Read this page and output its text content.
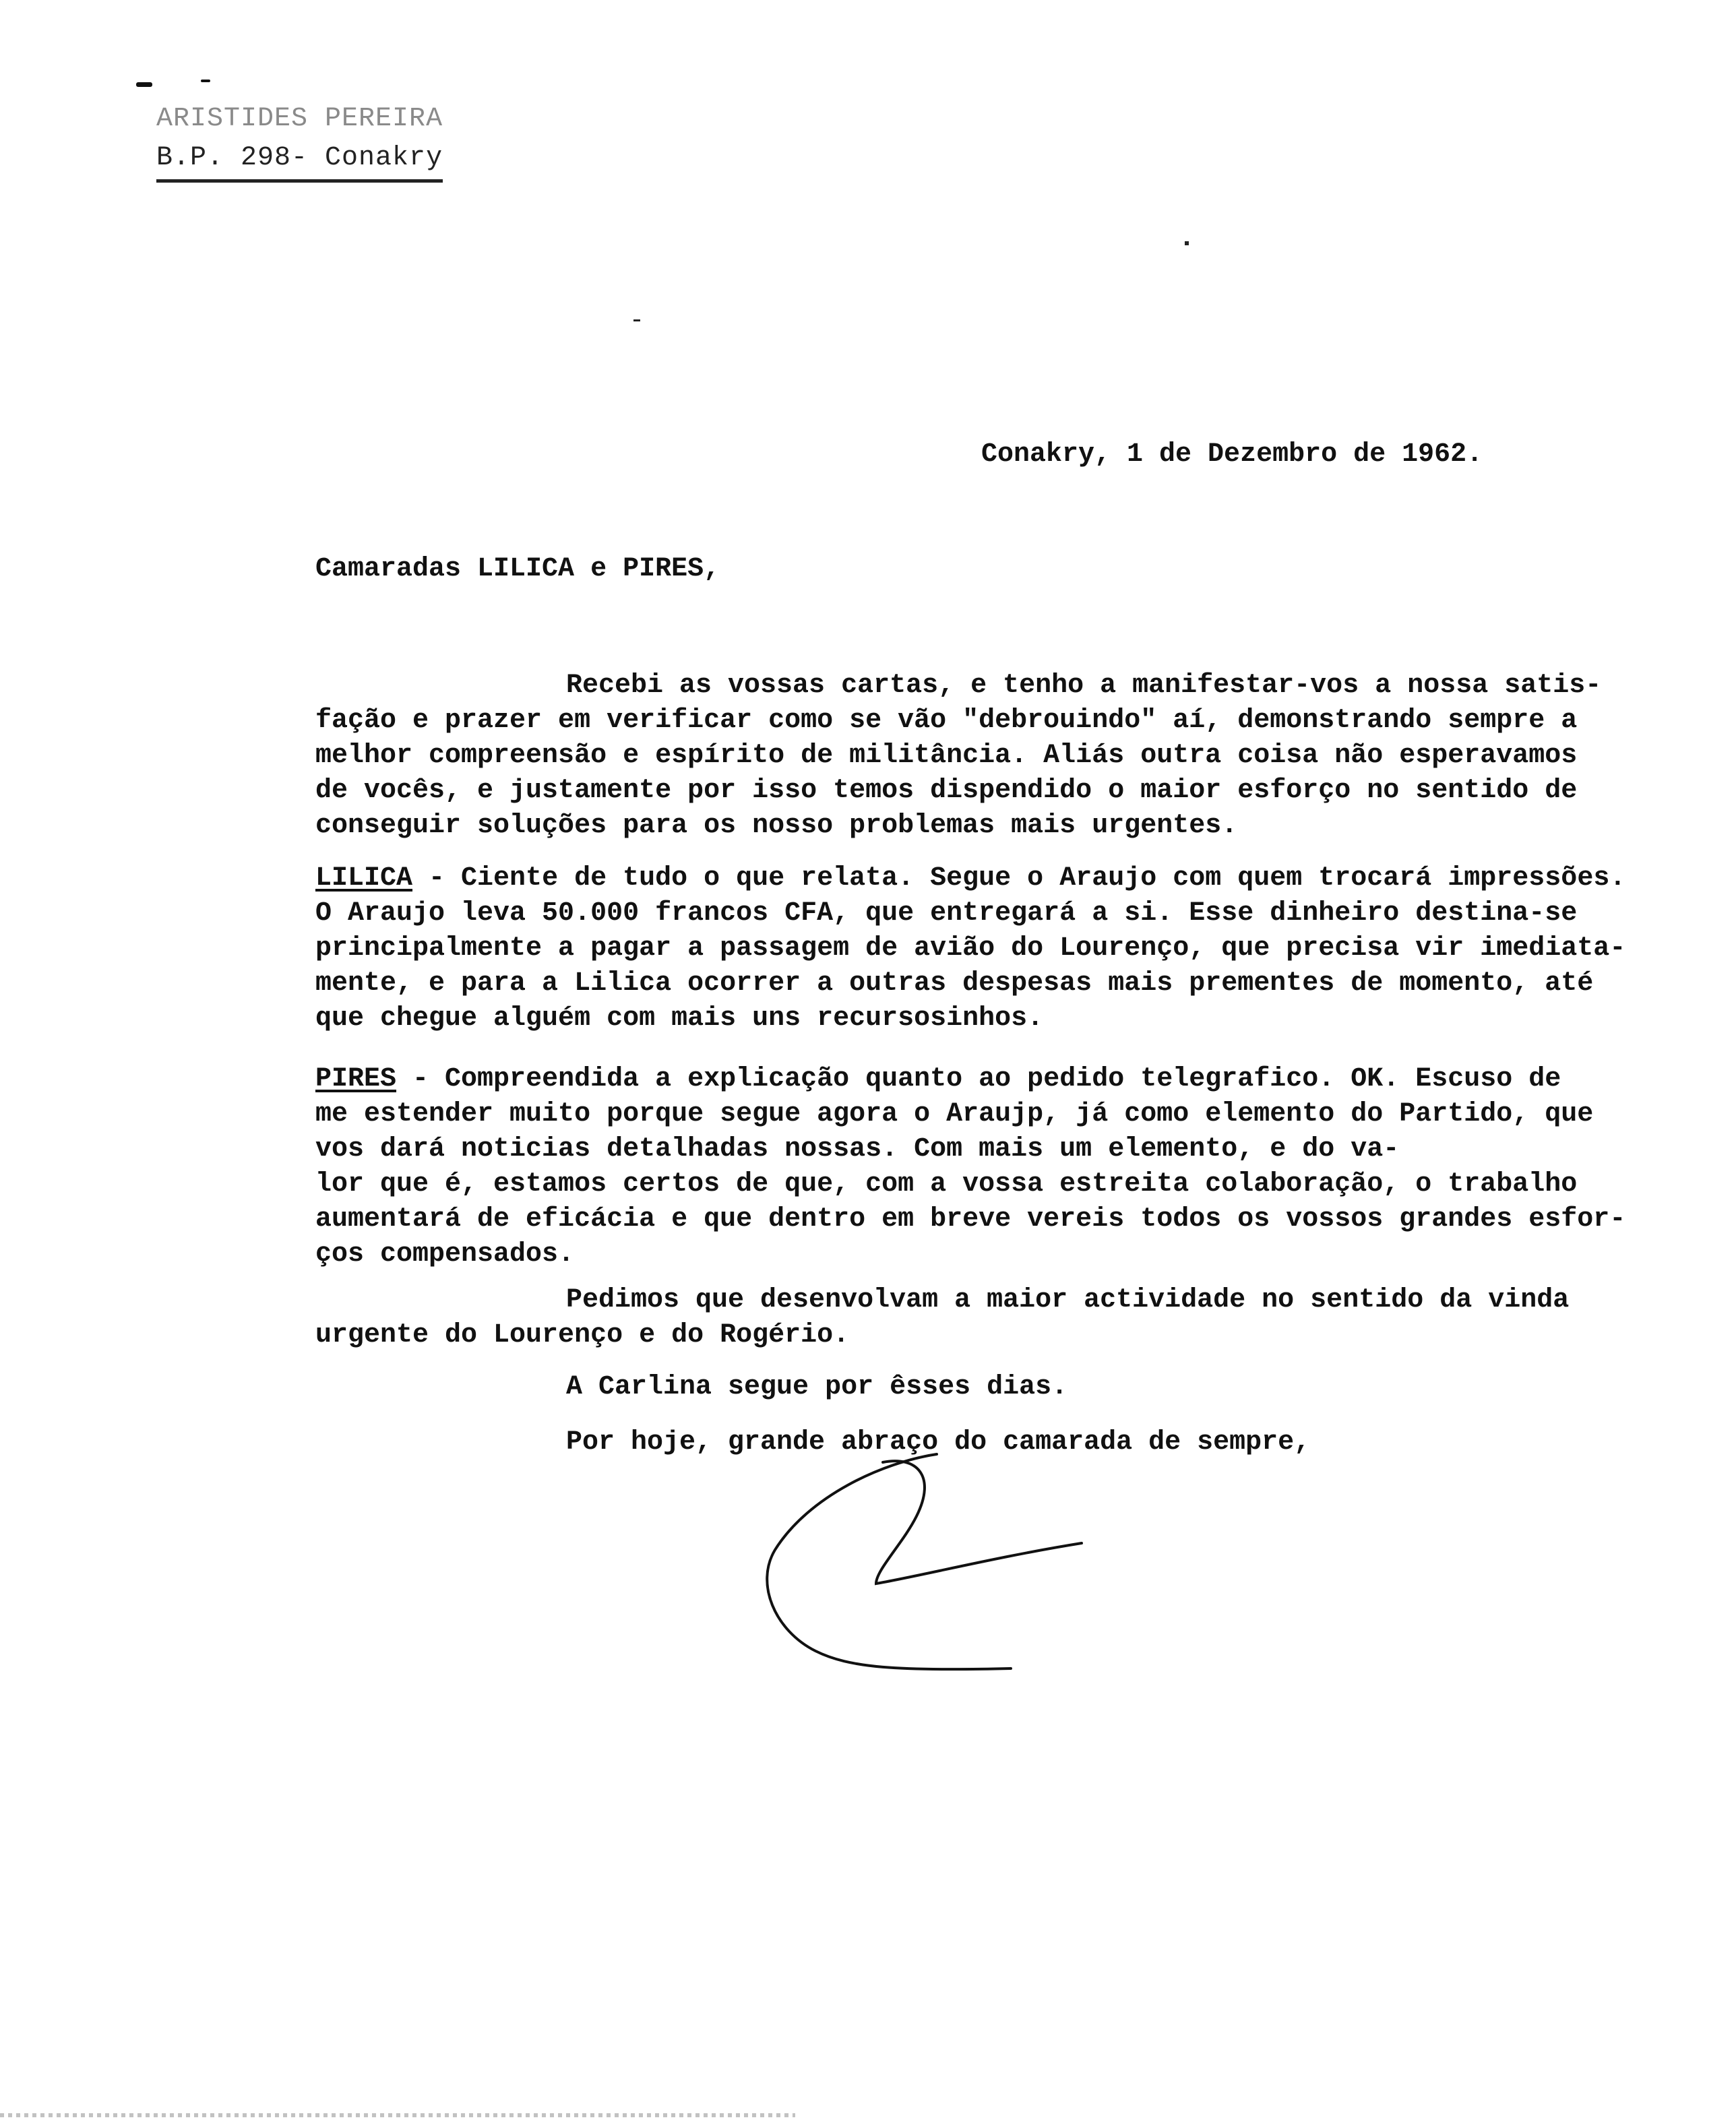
ARISTIDES PEREIRA
B.P. 298- Conakry
Conakry, 1 de Dezembro de 1962.
Camaradas LILICA e PIRES,
Recebi as vossas cartas, e tenho a manifestar-vos a nossa satis-
fação e prazer em verificar como se vão "debrouindo" aí, demonstrando sempre a
melhor compreensão e espírito de militância. Aliás outra coisa não esperavamos
de vocês, e justamente por isso temos dispendido o maior esforço no sentido de
conseguir soluções para os nosso problemas mais urgentes.
LILICA - Ciente de tudo o que relata. Segue o Araujo com quem trocará impressões.
O Araujo leva 50.000 francos CFA, que entregará a si. Esse dinheiro destina-se
principalmente a pagar a passagem de avião do Lourenço, que precisa vir imediata-
mente, e para a Lilica ocorrer a outras despesas mais prementes de momento, até
que chegue alguém com mais uns recursosinhos.
PIRES - Compreendida a explicação quanto ao pedido telegrafico. OK. Escuso de
me estender muito porque segue agora o Araujp, já como elemento do Partido, que
vos dará noticias detalhadas nossas. Com mais um elemento, e do va-
lor que é, estamos certos de que, com a vossa estreita colaboração, o trabalho
aumentará de eficácia e que dentro em breve vereis todos os vossos grandes esfor-
ços compensados.
Pedimos que desenvolvam a maior actividade no sentido da vinda
urgente do Lourenço e do Rogério.
A Carlina segue por êsses dias.
Por hoje, grande abraço do camarada de sempre,
